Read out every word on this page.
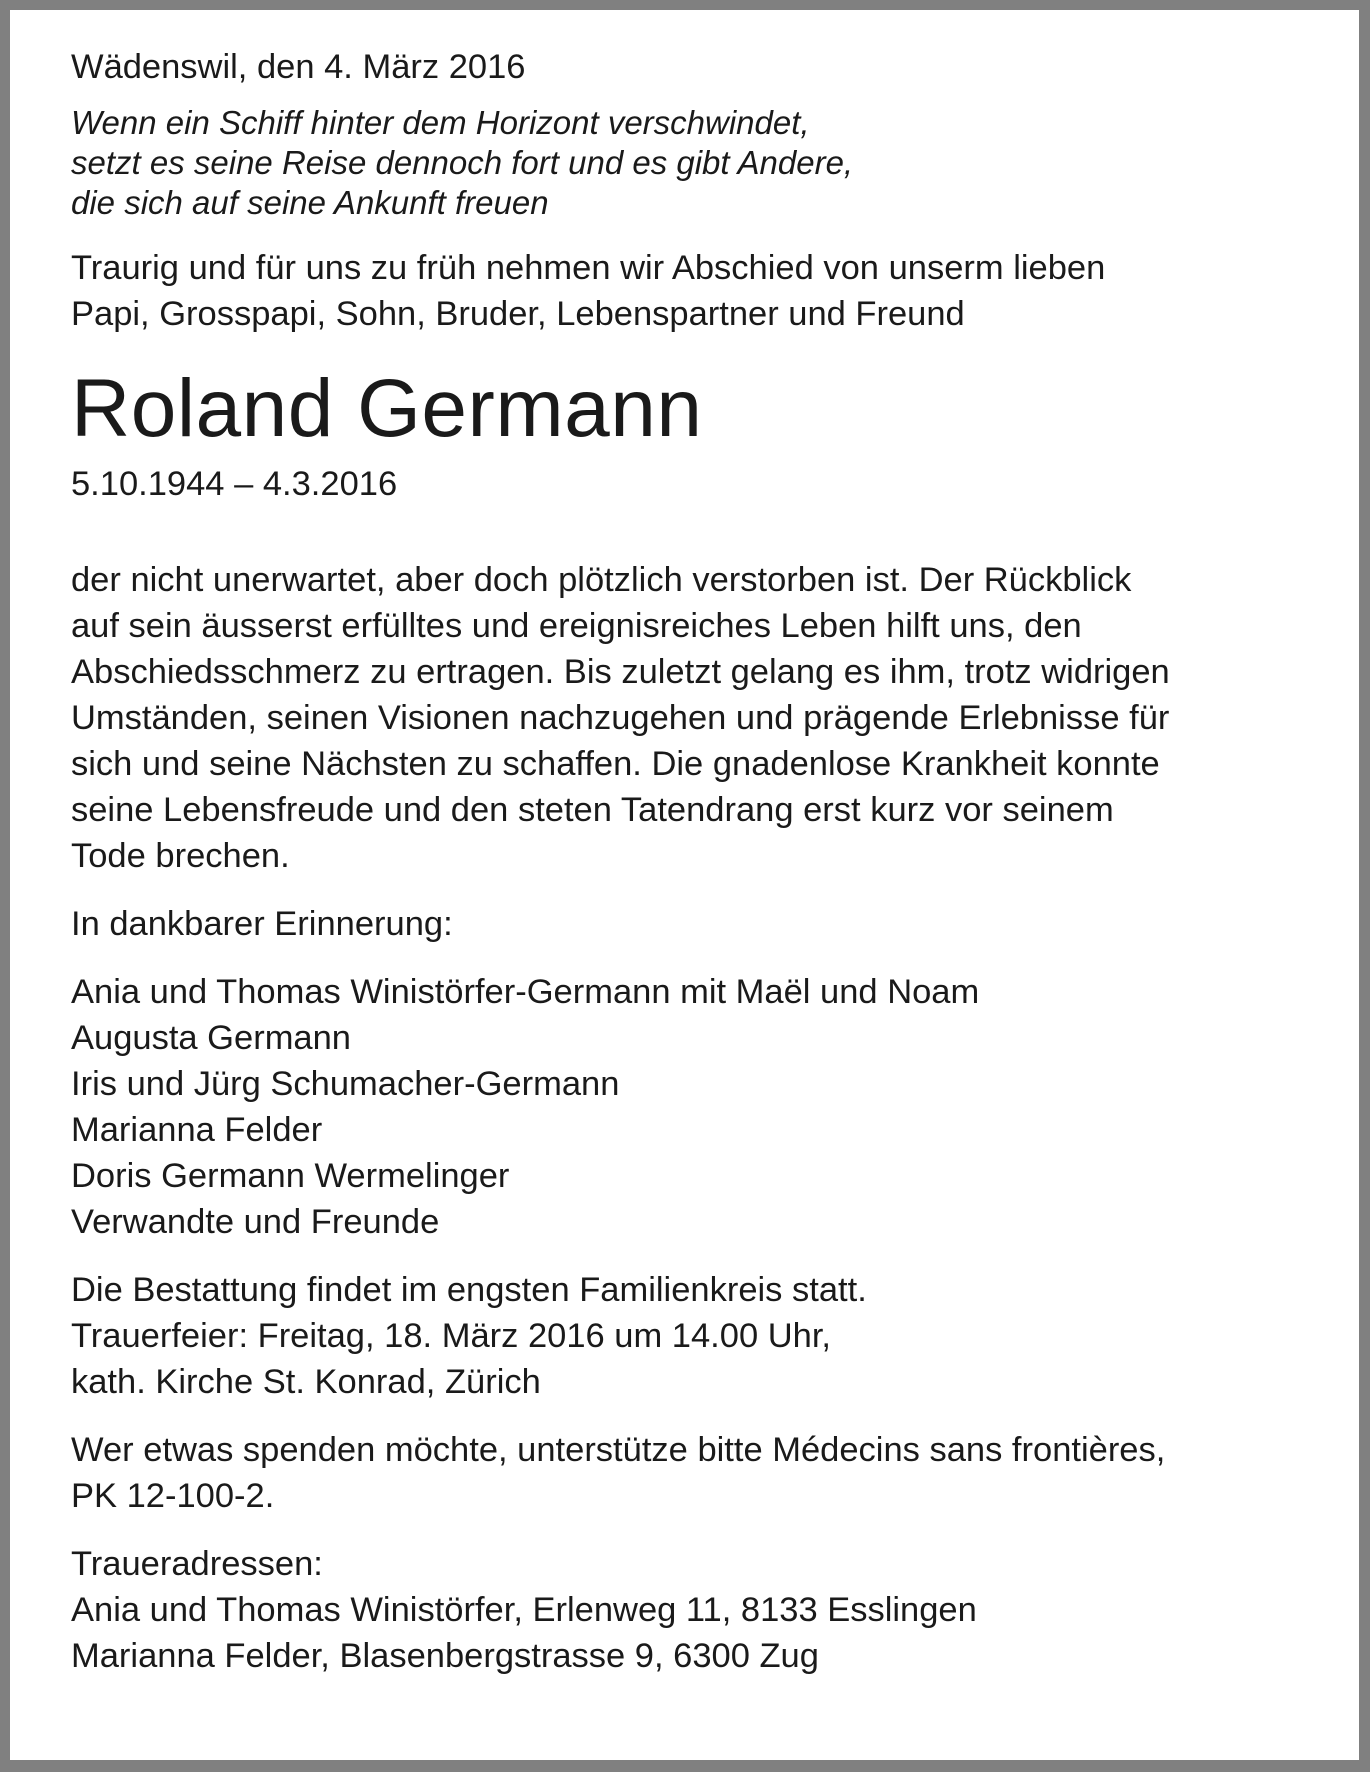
Wädenswil, den 4. März 2016

Wenn ein Schiff hinter dem Horizont verschwindet,
setzt es seine Reise dennoch fort und es gibt Andere,
die sich auf seine Ankunft freuen
Traurig und für uns zu früh nehmen wir Abschied von unserm lieben
Papi, Grosspapi, Sohn, Bruder, Lebenspartner und Freund
Roland Germann

5.10.1944 – 4.3.2016

der nicht unerwartet, aber doch plötzlich verstorben ist. Der Rückblick
auf sein äusserst erfülltes und ereignisreiches Leben hilft uns, den
Abschiedsschmerz zu ertragen. Bis zuletzt gelang es ihm, trotz widrigen
Umständen, seinen Visionen nachzugehen und prägende Erlebnisse für
sich und seine Nächsten zu schaffen. Die gnadenlose Krankheit konnte
seine Lebensfreude und den steten Tatendrang erst kurz vor seinem
Tode brechen.

In dankbarer Erinnerung:

Ania und Thomas Winistörfer-Germann mit Maël und Noam
Augusta Germann
Iris und Jürg Schumacher-Germann
Marianna Felder
Doris Germann Wermelinger
Verwandte und Freunde
Die Bestattung findet im engsten Familienkreis statt.
Trauerfeier: Freitag, 18. März 2016 um 14.00 Uhr,
kath. Kirche St. Konrad, Zürich
Wer etwas spenden möchte, unterstütze bitte Médecins sans frontières,
PK 12-100-2.
Traueradressen:
Ania und Thomas Winistörfer, Erlenweg 11, 8133 Esslingen
Marianna Felder, Blasenbergstrasse 9, 6300 Zug
